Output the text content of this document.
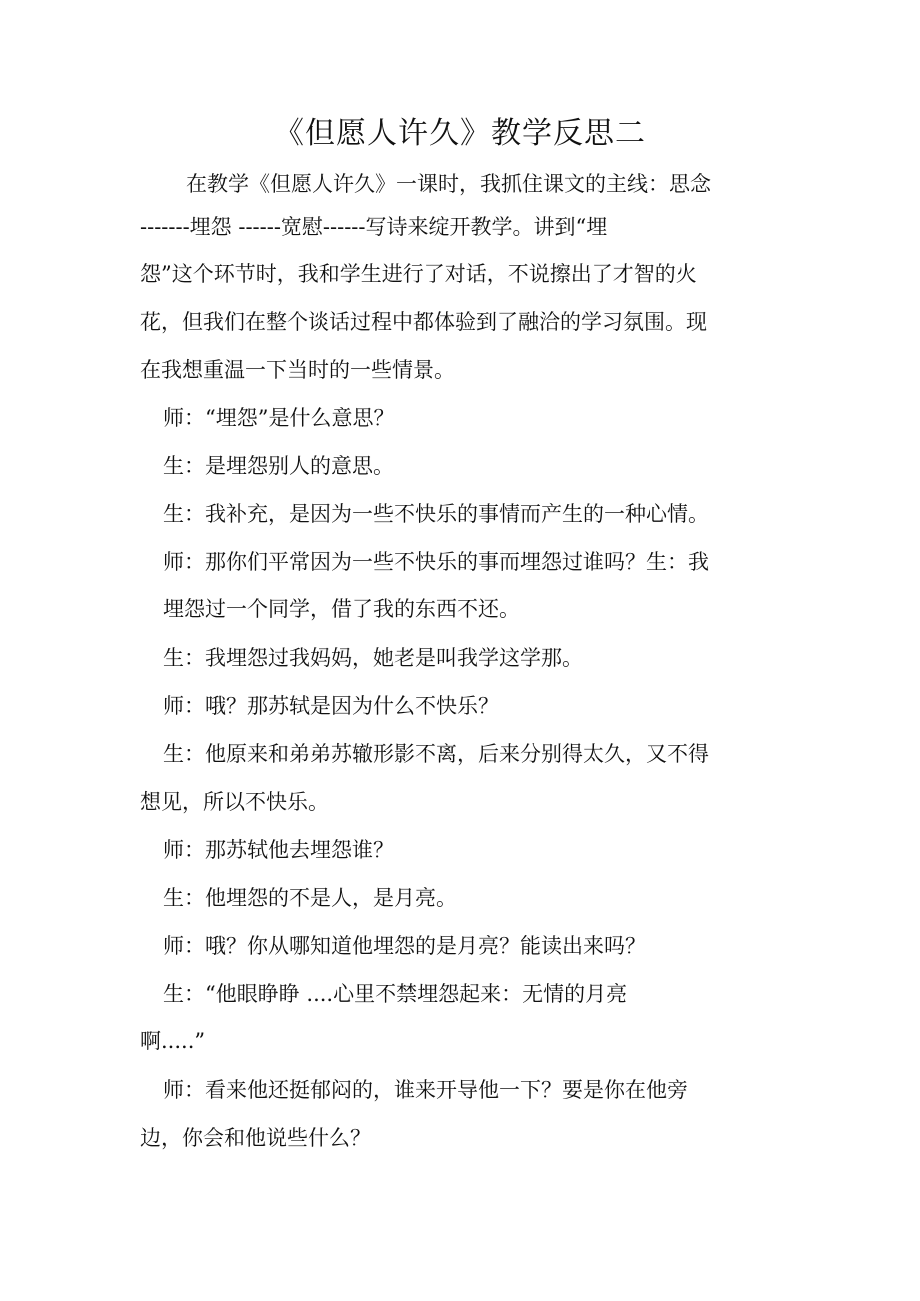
《但愿人许久》教学反思二
在教学《但愿人许久》一课时，我抓住课文的主线：思念
-------埋怨 ------宽慰------写诗来绽开教学。讲到“埋
怨”这个环节时，我和学生进行了对话，不说擦出了才智的火
花，但我们在整个谈话过程中都体验到了融洽的学习氛围。现
在我想重温一下当时的一些情景。
师：“埋怨”是什么意思？
生：是埋怨别人的意思。
生：我补充，是因为一些不快乐的事情而产生的一种心情。
师：那你们平常因为一些不快乐的事而埋怨过谁吗？生：我
埋怨过一个同学，借了我的东西不还。
生：我埋怨过我妈妈，她老是叫我学这学那。
师：哦？那苏轼是因为什么不快乐？
生：他原来和弟弟苏辙形影不离，后来分别得太久，又不得
想见，所以不快乐。
师：那苏轼他去埋怨谁？
生：他埋怨的不是人，是月亮。
师：哦？你从哪知道他埋怨的是月亮？能读出来吗？
生：“他眼睁睁 ....心里不禁埋怨起来：无情的月亮
啊.....”
师：看来他还挺郁闷的，谁来开导他一下？要是你在他旁
边，你会和他说些什么？
